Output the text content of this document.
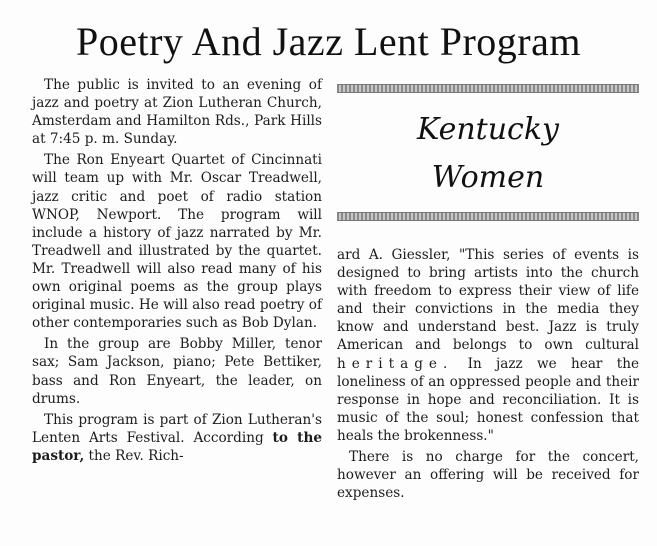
Poetry And Jazz Lent Program

The public is invited to an evening of jazz and poetry at Zion Lutheran Church, Amsterdam and Hamilton Rds., Park Hills at 7:45 p. m. Sunday.

The Ron Enyeart Quartet of Cincinnati will team up with Mr. Oscar Treadwell, jazz critic and poet of radio station WNOP, Newport. The program will include a history of jazz narrated by Mr. Treadwell and illustrated by the quartet. Mr. Treadwell will also read many of his own original poems as the group plays original music. He will also read poetry of other contemporaries such as Bob Dylan.

In the group are Bobby Miller, tenor sax; Sam Jackson, piano; Pete Bettiker, bass and Ron Enyeart, the leader, on drums.

This program is part of Zion Lutheran's Lenten Arts Festival. According to the pastor, the Rev. Rich-

Kentucky
Women

ard A. Giessler, "This series of events is designed to bring artists into the church with freedom to express their view of life and their convictions in the media they know and understand best. Jazz is truly American and belongs to own cultural heritage. In jazz we hear the loneliness of an oppressed people and their response in hope and reconciliation. It is music of the soul; honest confession that heals the brokenness."

There is no charge for the concert, however an offering will be received for expenses.
